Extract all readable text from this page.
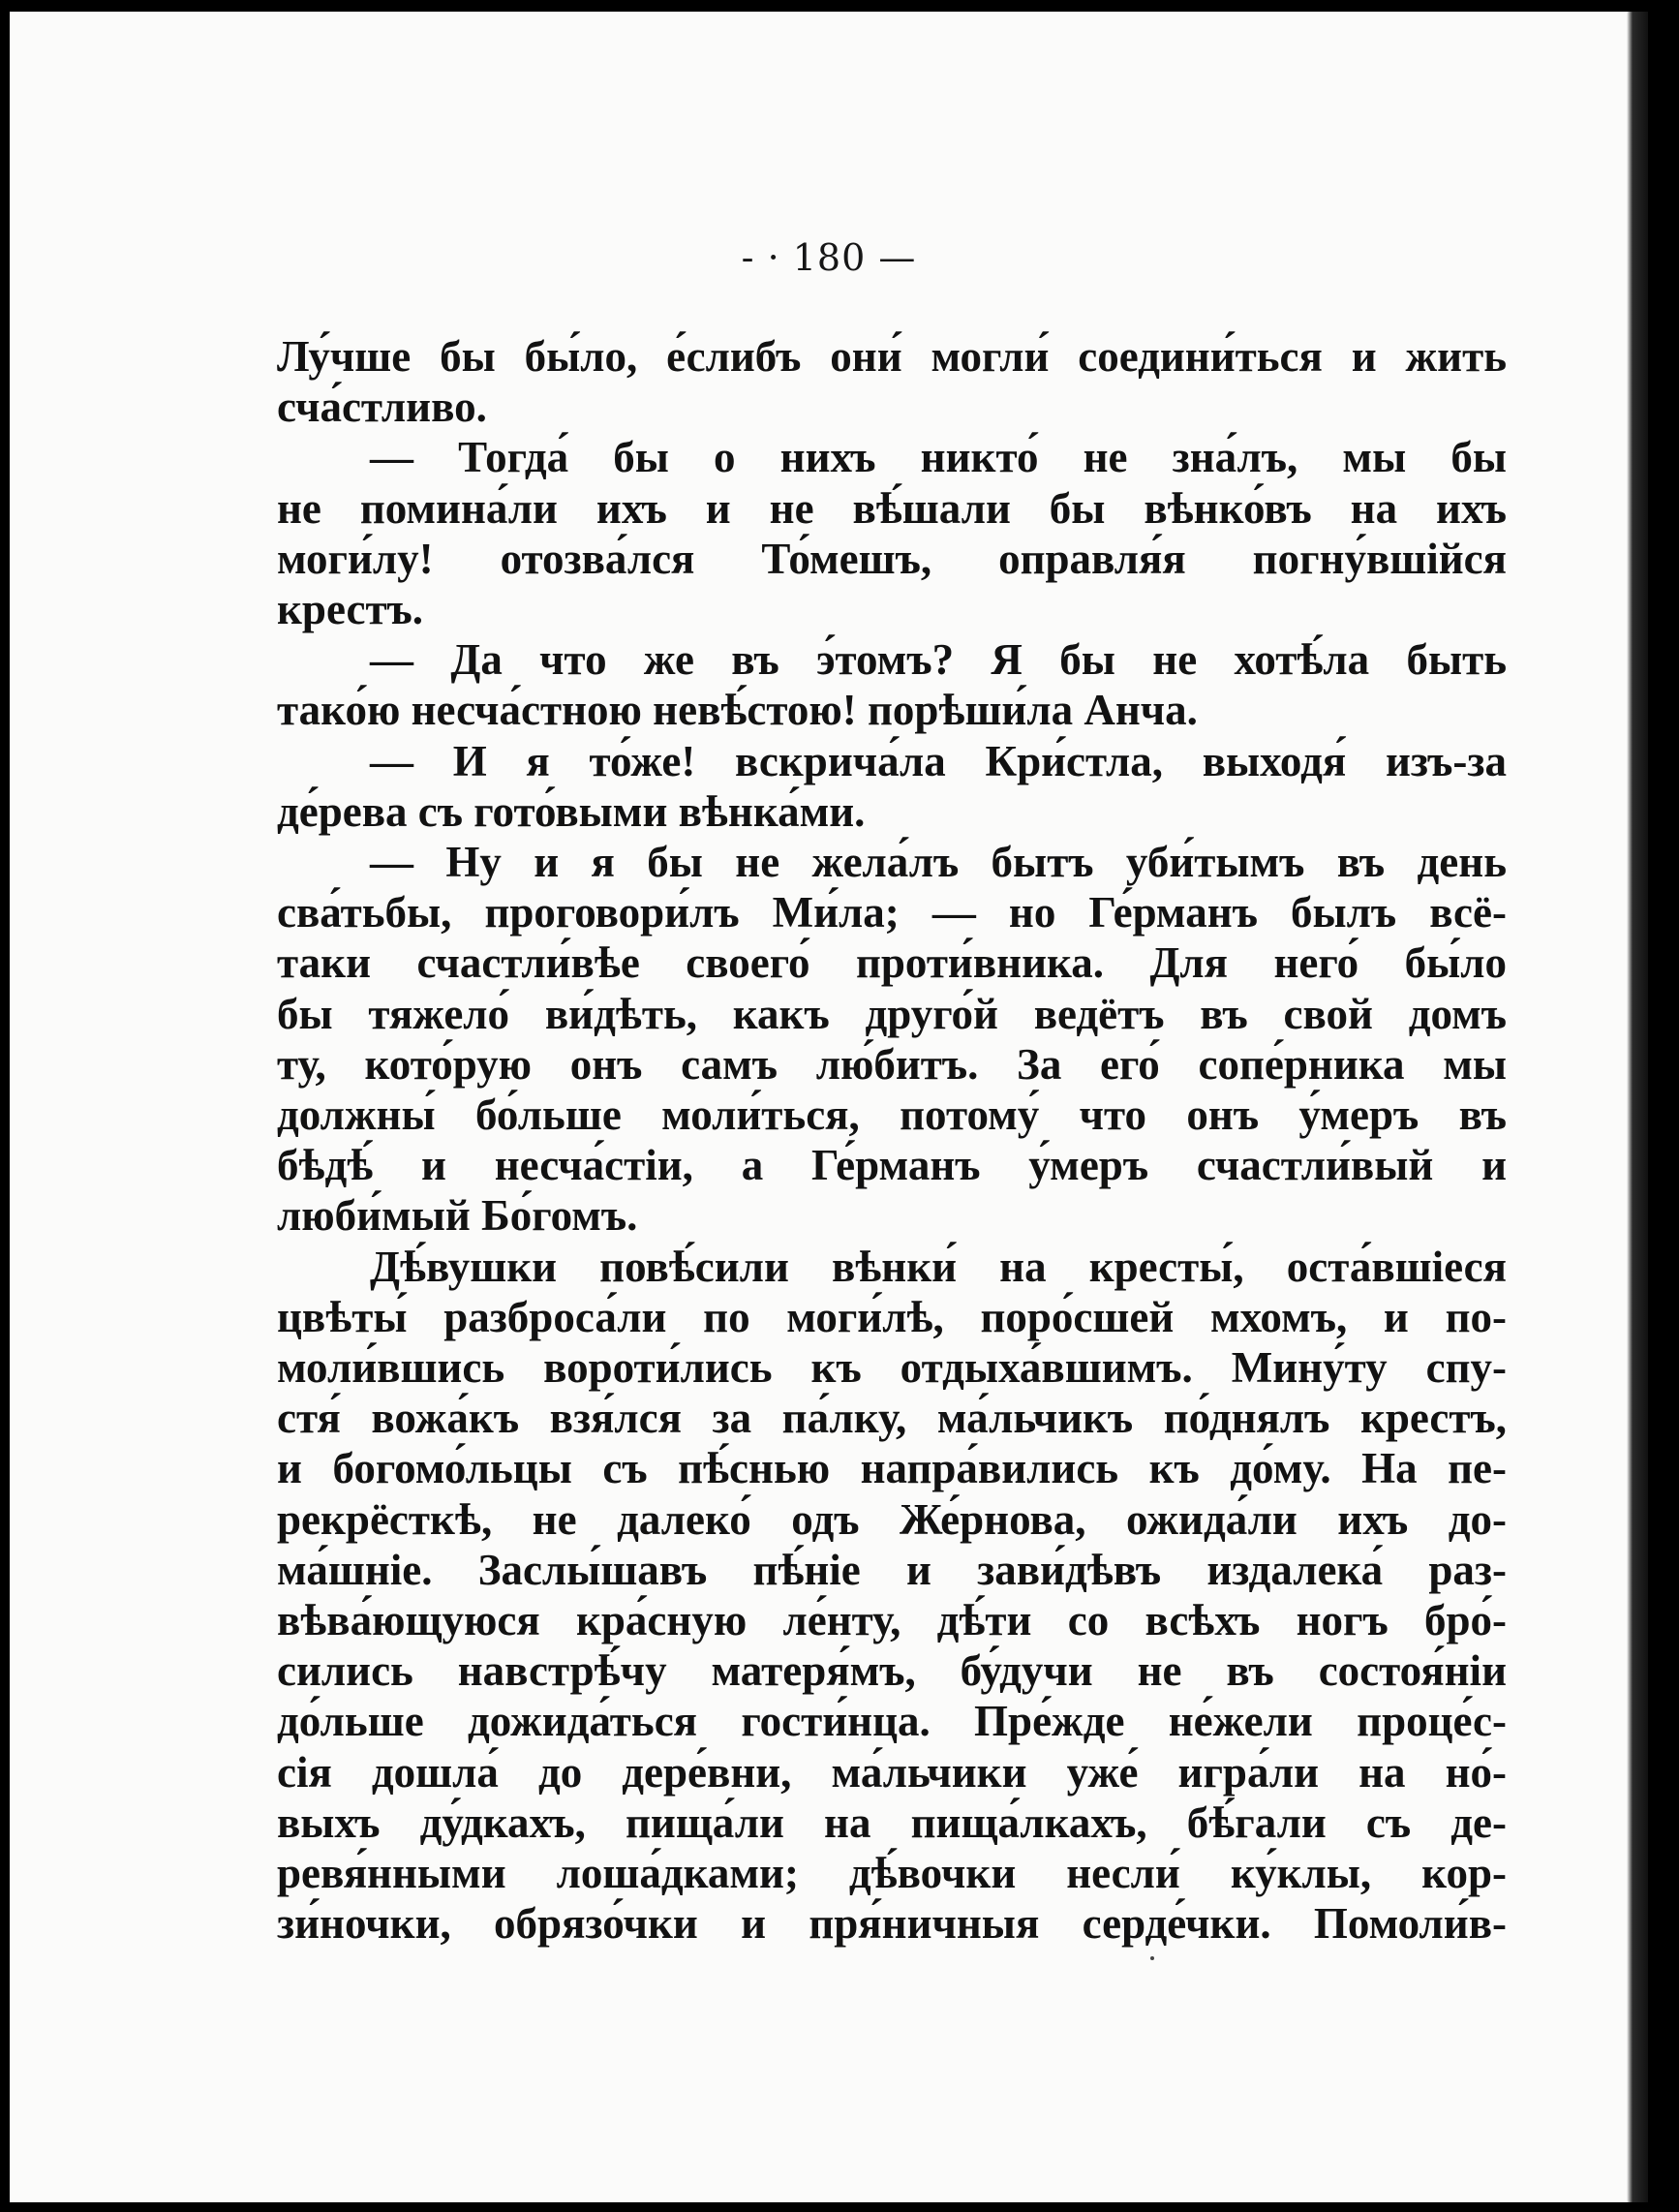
- · 180 —
Лу́чше бы бы́ло, е́слибъ они́ могли́ соедини́ться и жить
сча́стливо.
— Тогда́ бы о нихъ никто́ не зна́лъ, мы бы
не помина́ли ихъ и не вѣ́шали бы вѣнко́въ на ихъ
моги́лу! отозва́лся То́мешъ, оправля́я погну́вшійся
крестъ.
— Да что же въ э́томъ? Я бы не хотѣ́ла быть
тако́ю несча́стною невѣ́стою! порѣши́ла Анча.
— И я то́же! вскрича́ла Кри́стла, выходя́ изъ-за
де́рева съ гото́выми вѣнка́ми.
— Ну и я бы не жела́лъ бытъ уби́тымъ въ день
сва́тьбы, проговори́лъ Ми́ла; — но Ге́рманъ былъ всё-
таки счастли́вѣе своего́ проти́вника. Для него́ бы́ло
бы тяжело́ ви́дѣть, какъ друго́й ведётъ въ свой домъ
ту, кото́рую онъ самъ лю́битъ. За его́ сопе́рника мы
должны́ бо́льше моли́ться, потому́ что онъ у́меръ въ
бѣдѣ́ и несча́стіи, а Ге́рманъ у́меръ счастли́вый и
люби́мый Бо́гомъ.
Дѣ́вушки повѣ́сили вѣнки́ на кресты́, оста́вшіеся
цвѣты́ разброса́ли по моги́лѣ, поро́сшей мхомъ, и по-
моли́вшись вороти́лись къ отдыха́вшимъ. Мину́ту спу-
стя́ вожа́къ взя́лся за па́лку, ма́льчикъ по́днялъ крестъ,
и богомо́льцы съ пѣ́снью напра́вились къ до́му. На пе-
рекрёсткѣ, не далеко́ одъ Же́рнова, ожида́ли ихъ до-
ма́шніе. Заслы́шавъ пѣ́ніе и зави́дѣвъ издалека́ раз-
вѣва́ющуюся кра́сную ле́нту, дѣ́ти со всѣхъ ногъ бро́-
сились навстрѣ́чу матеря́мъ, бу́дучи не въ состоя́ніи
до́льше дожида́ться гости́нца. Пре́жде не́жели проце́с-
сія дошла́ до дере́вни, ма́льчики уже́ игра́ли на но́-
выхъ ду́дкахъ, пища́ли на пища́лкахъ, бѣ́гали съ де-
ревя́нными лоша́дками; дѣ́вочки несли́ ку́клы, кор-
зи́ночки, обрязо́чки и пря́ничныя серде́чки. Помоли́в-
